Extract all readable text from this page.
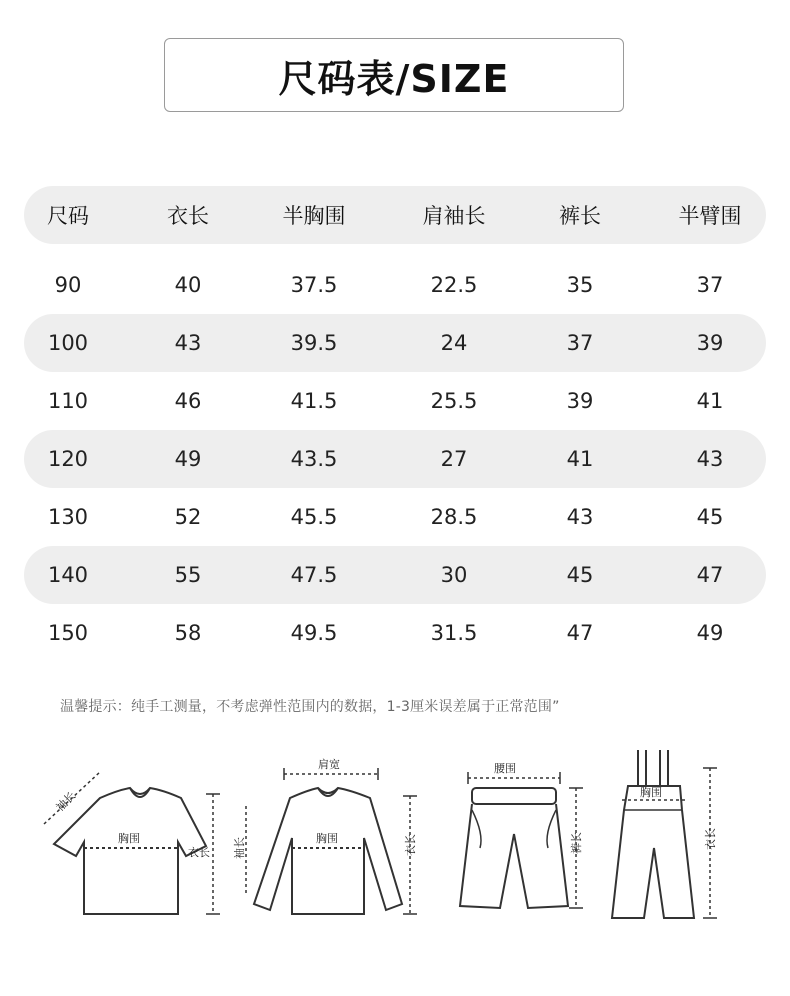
尺码表/SIZE
尺码	衣长	半胸围	肩袖长	裤长	半臂围
90	40	37.5	22.5	35	37
100	43	39.5	24	37	39
110	46	41.5	25.5	39	41
120	49	43.5	27	41	43
130	52	45.5	28.5	43	45
140	55	47.5	30	45	47
150	58	49.5	31.5	47	49
温馨提示：纯手工测量，不考虑弹性范围内的数据，1-3厘米误差属于正常范围”
袖长
胸围
衣长
肩宽
袖长	胸围	衣长
腰围
裤长
胸围
衣长
